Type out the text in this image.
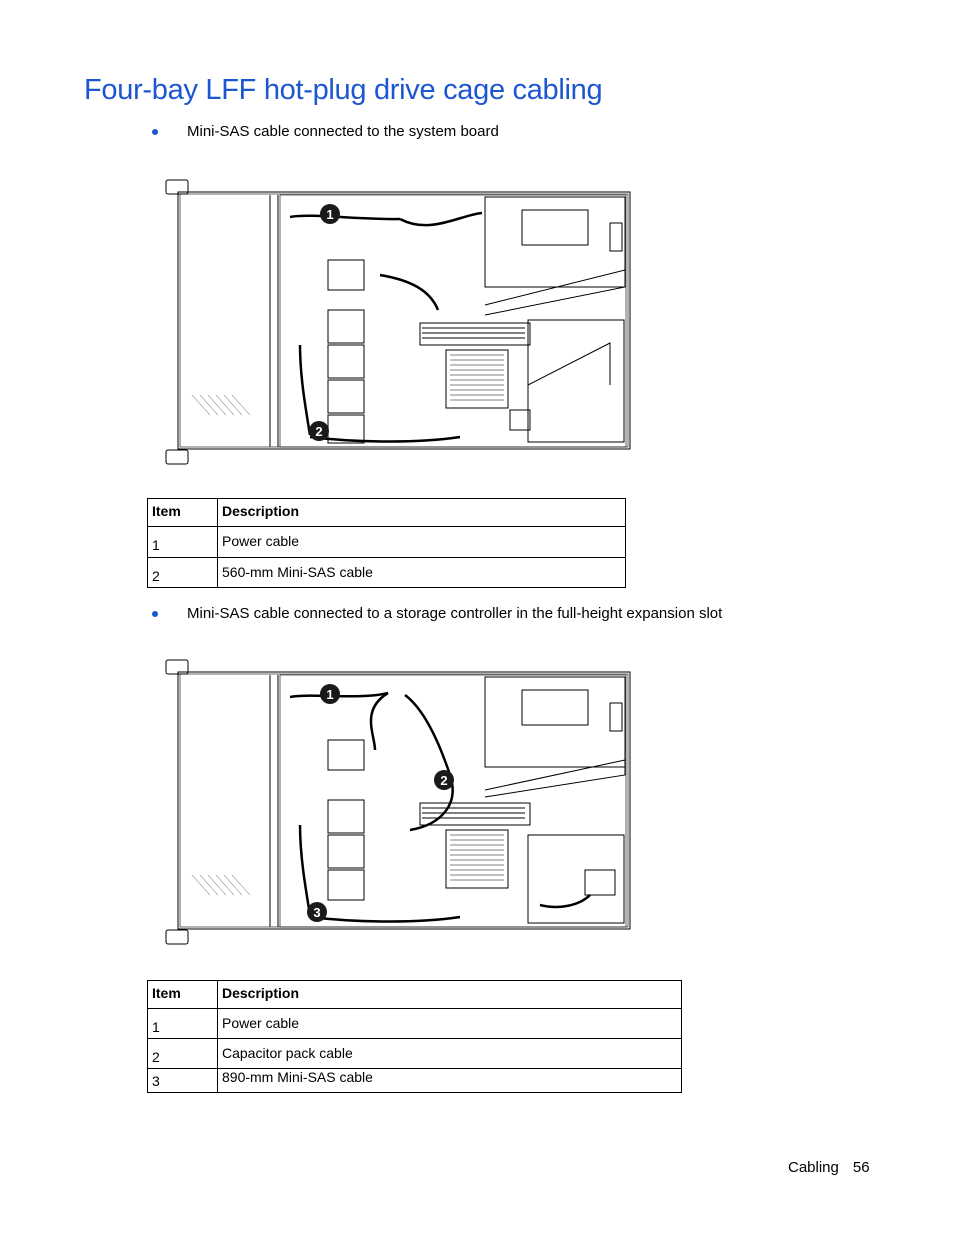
Four-bay LFF hot-plug drive cage cabling
Mini-SAS cable connected to the system board
1
2
Item	Description
1	Power cable
2	560-mm Mini-SAS cable
Mini-SAS cable connected to a storage controller in the full-height expansion slot
1
2
3
Item	Description
1	Power cable
2	Capacitor pack cable
3	890-mm Mini-SAS cable
Cabling 56
